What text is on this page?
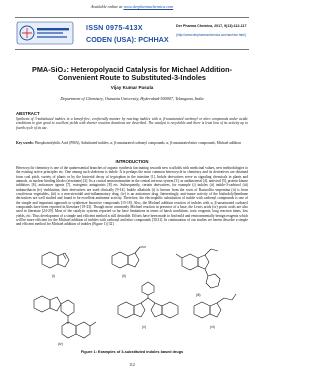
Available online at www.derpharmachemica.com
ISSN 0975-413X
CODEN (USA): PCHHAX
Der Pharma Chemica, 2017, 9(13):112-117
(http://www.derpharmachemica.com/archive.html)
PMA-SiO₂: Heteropolyacid Catalysis for Michael Addition-Convenient Route to Substituted-3-Indoles
Vijay Kumar Pasula
Department of Chemistry, Osmania University, Hyderabad-500007, Telangana, India
ABSTRACT
Synthesis of 3-substituted indoles in a benzyl-free, ecofriendly manner by reacting indoles with α, β-unsaturated carbonyl or nitro compounds under acidic conditions to give good to excellent yields with shorter reaction durations are described. The catalyst is recyclable and there is least loss of its activity up to fourth cycle of its use.
Key words: Phosphomolybdic Acid (PMA), Substituted indoles, α, β-unsaturated carbonyl compounds, α, β-unsaturated nitro compounds, Michael addition
INTRODUCTION
Heterocyclic chemistry is one of the quintessential branches of organic synthesis fascinating towards new scaffolds with medicinal values, new methodologies to the existing active principles etc. One among such skeletons is indole. It is perhaps the most common heterocycle in chemistry and its derivatives are obtained from coal pitch, variety of plants or by the bacterial decay of tryptophan in the intestine [1]. Indole derivatives serve as signaling chemicals in plants and animals, as nuclear binding blocks (serotonin) [2]. Its a crucial neurotransmitter in the central nervous system [3], as antibacterial [4], antiviral [5], protein kinase inhibitors [6], anticancer agents [7], estrogenic antagonists [8] etc. Subsequently, certain derivatives, for example (i) indoles (ii) indole-3-carbinol (iii) indomethacin (iv) vinblastine, their derivatives are used clinically [9-14]. Indole alkaloids (i) is known from the roots of Rauwolfia serpentina (ii) is from cruciferous vegetables, (iii) is a non-steroidal anti-inflammatory drug, (iv) is an anticancer drug. Interestingly, anti-tumor activity of the bis(indolyl)methane derivatives are well studied and found to be excellent antitumor activity. Therefore, the electrophilic substitution of indole with carbonyl compounds is one of the simple and important approach to synthesize bioactive compounds [15-18]. Also, the Michael addition reaction of indoles with α, β-unsaturated carbonyl compounds have been reported in literature [19-23]. Though more commonly Michael reaction in presence of a base, the Lewis acids (or) protic acids are also used in literature [24-29]. Most of the catalytic systems reported so far have limitations in terms of harsh conditions, toxic reagents, long reaction times, low yields, etc. Thus development of a simple and efficient method is still desirable. Efforts have been made to find mild and environmentally benign reagents which will be more efficient for the Michael addition of indoles with carbonyl and nitro compounds [30,31]. In continuation of our studies we herein describe a simple and efficient method for Michael addition of indoles (Figure 1) [32].
(i)	(ii)
(iii)
(iv)
(v)	(vi)
Figure 1: Examples of 3-substituted indoles based drugs
112
